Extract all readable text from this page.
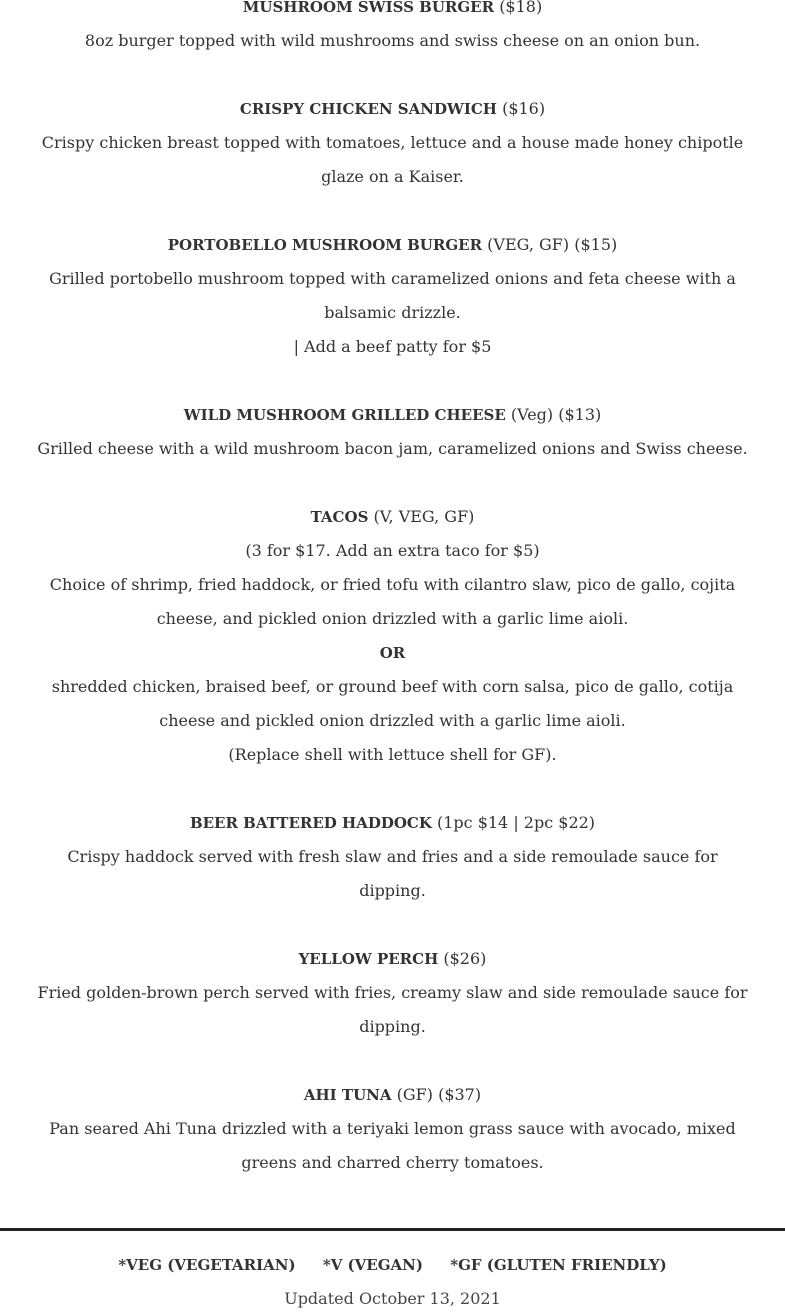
MUSHROOM SWISS BURGER ($18)

8oz burger topped with wild mushrooms and swiss cheese on an onion bun.

CRISPY CHICKEN SANDWICH ($16)

Crispy chicken breast topped with tomatoes, lettuce and a house made honey chipotle glaze on a Kaiser.

PORTOBELLO MUSHROOM BURGER (VEG, GF) ($15)

Grilled portobello mushroom topped with caramelized onions and feta cheese with a balsamic drizzle.

| Add a beef patty for $5

WILD MUSHROOM GRILLED CHEESE (Veg) ($13)

Grilled cheese with a wild mushroom bacon jam, caramelized onions and Swiss cheese.

TACOS (V, VEG, GF)

(3 for $17. Add an extra taco for $5)

Choice of shrimp, fried haddock, or fried tofu with cilantro slaw, pico de gallo, cojita cheese, and pickled onion drizzled with a garlic lime aioli.

OR

shredded chicken, braised beef, or ground beef with corn salsa, pico de gallo, cotija cheese and pickled onion drizzled with a garlic lime aioli.

(Replace shell with lettuce shell for GF).

BEER BATTERED HADDOCK (1pc $14 | 2pc $22)

Crispy haddock served with fresh slaw and fries and a side remoulade sauce for dipping.

YELLOW PERCH ($26)

Fried golden-brown perch served with fries, creamy slaw and side remoulade sauce for dipping.

AHI TUNA (GF) ($37)

Pan seared Ahi Tuna drizzled with a teriyaki lemon grass sauce with avocado, mixed greens and charred cherry tomatoes.

*VEG (VEGETARIAN) *V (VEGAN) *GF (GLUTEN FRIENDLY)

Updated October 13, 2021
